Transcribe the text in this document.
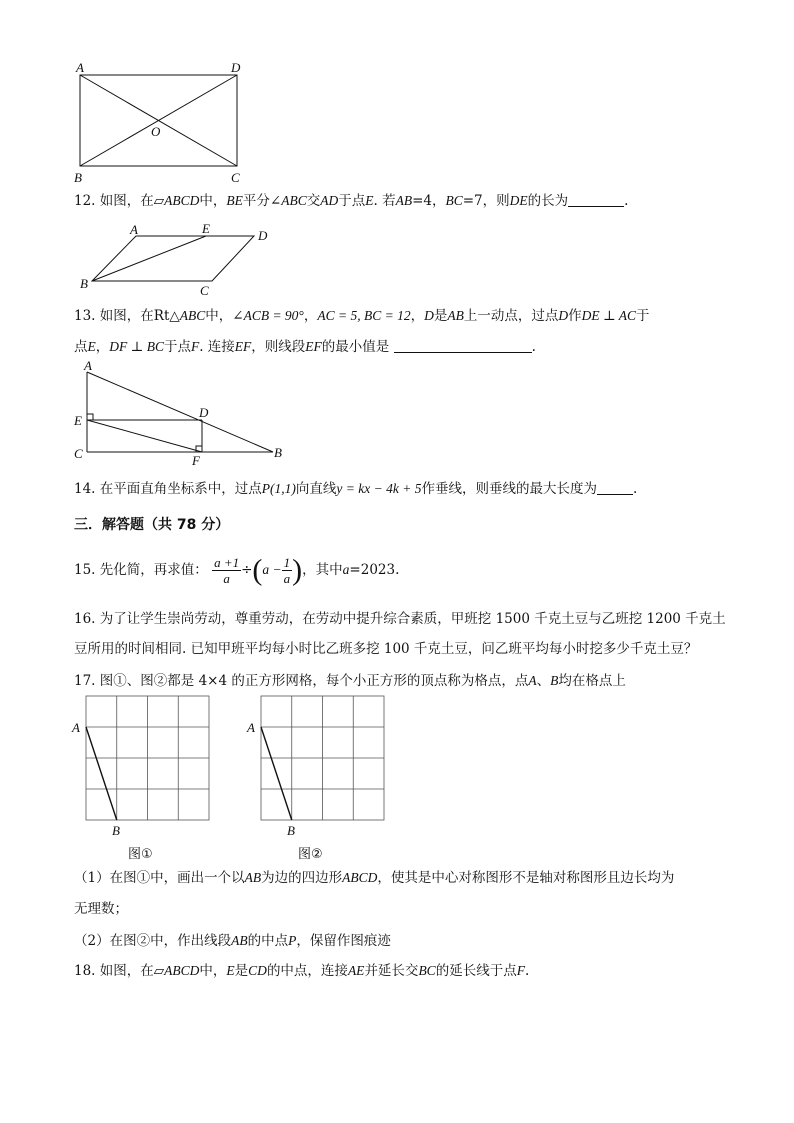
A	D
O
B	C
12. 如图，在▱ABCD中，BE平分∠ABC交AD于点E. 若AB=4，BC=7，则DE的长为	.
A	E	D
B	C
13. 如图，在Rt△ABC中，∠ACB = 90°，AC = 5, BC = 12，D是AB上一动点，过点D作DE ⊥ AC于
点E，DF ⊥ BC于点F. 连接EF，则线段EF的最小值是	.
A
E
D
C	F
B
14. 在平面直角坐标系中，过点P(1,1)向直线y = kx − 4k + 5作垂线，则垂线的最大长度为	.
三．解答题（共 78 分）
15. 先化简，再求值： $\frac{a +1}{a} \div(a - \frac{1}{a}$ )，其中a=2023.
16. 为了让学生崇尚劳动，尊重劳动，在劳动中提升综合素质，甲班挖 1500 千克土豆与乙班挖 1200 千克土
豆所用的时间相同. 已知甲班平均每小时比乙班多挖 100 千克土豆，问乙班平均每小时挖多少千克土豆？
17. 图①、图②都是 4×4 的正方形网格，每个小正方形的顶点称为格点，点A、B均在格点上
A
B
图①
A
B
图②
（1）在图①中，画出一个以AB为边的四边形ABCD，使其是中心对称图形不是轴对称图形且边长均为
无理数；
（2）在图②中，作出线段AB的中点P，保留作图痕迹
18. 如图，在▱ABCD中，E是CD的中点，连接AE并延长交BC的延长线于点F.
